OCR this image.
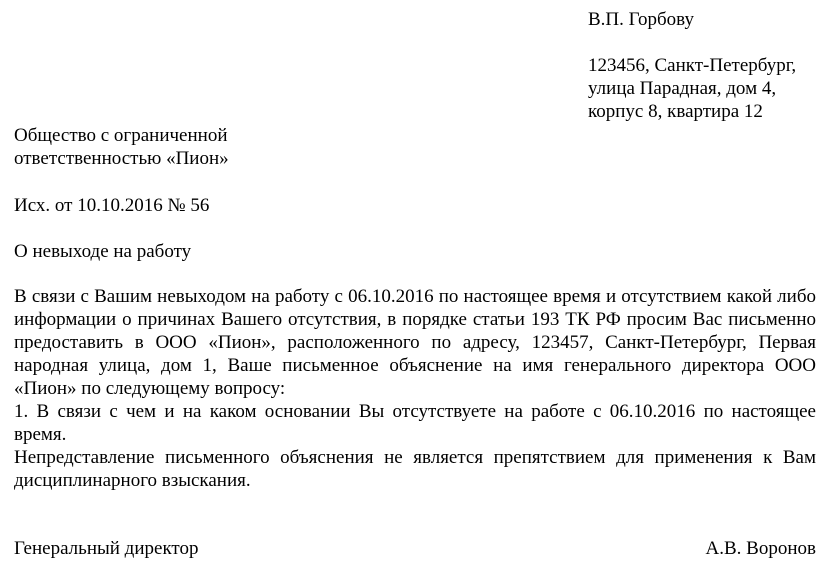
В.П. Горбову
123456, Санкт-Петербург,
улица Парадная, дом 4,
корпус 8, квартира 12
Общество с ограниченной
ответственностью «Пион»
Исх. от 10.10.2016 № 56
О невыходе на работу

В связи с Вашим невыходом на работу с 06.10.2016 по настоящее время и отсутствием какой либо информации о причинах Вашего отсутствия, в порядке статьи 193 ТК РФ просим Вас письменно предоставить в ООО «Пион», расположенного по адресу, 123457, Санкт-Петербург, Первая народная улица, дом 1, Ваше письменное объяснение на имя генерального директора ООО «Пион» по следующему вопросу:

1. В связи с чем и на каком основании Вы отсутствуете на работе с 06.10.2016 по настоящее время.

Непредставление письменного объяснения не является препятствием для применения к Вам дисциплинарного взыскания.

Генеральный директор	А.В. Воронов
